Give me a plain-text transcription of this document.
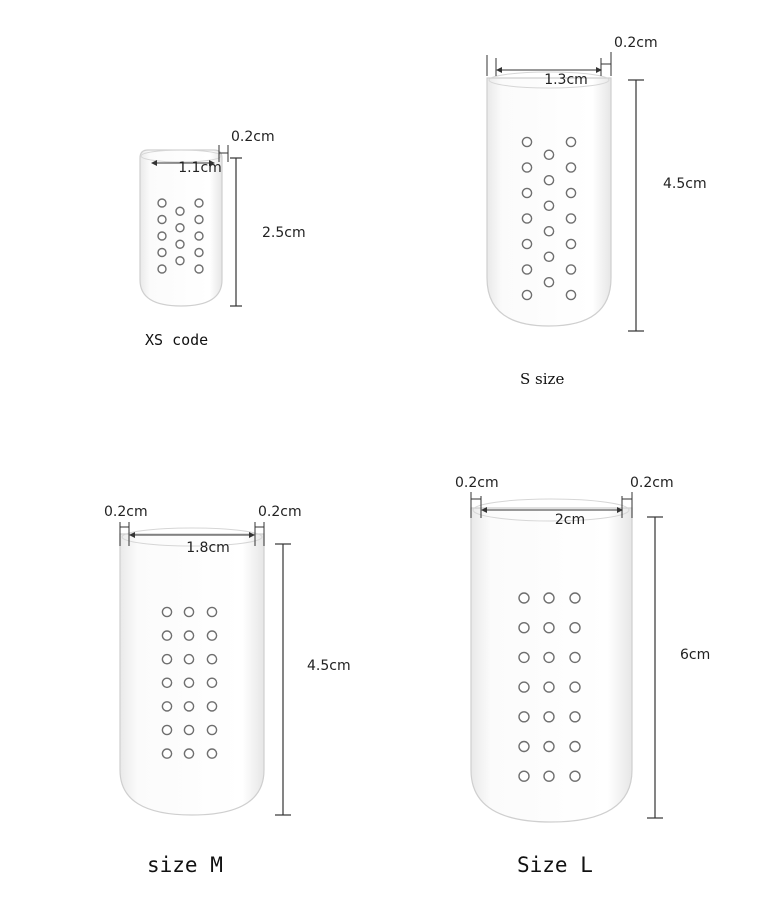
1.1cm
0.2cm
2.5cm
XS code
1.3cm
0.2cm
4.5cm
S size
1.8cm
0.2cm	0.2cm
4.5cm
size M
2cm
0.2cm	0.2cm
6cm
Size L
